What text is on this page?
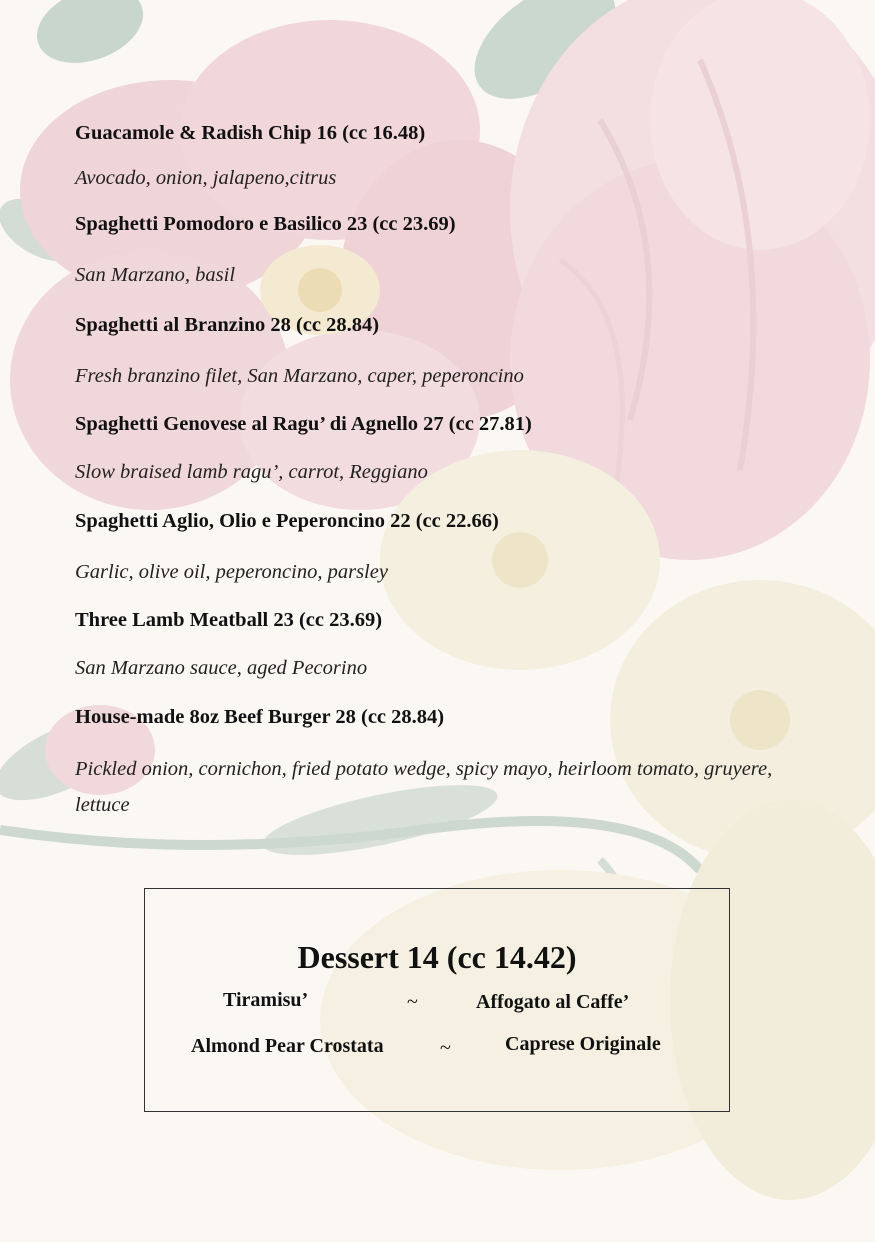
Guacamole & Radish Chip 16 (cc 16.48)
Avocado, onion, jalapeno,citrus
Spaghetti Pomodoro e Basilico 23 (cc 23.69)
San Marzano, basil
Spaghetti al Branzino 28 (cc 28.84)
Fresh branzino filet, San Marzano, caper, peperoncino
Spaghetti Genovese al Ragu’ di Agnello 27 (cc 27.81)
Slow braised lamb ragu’, carrot, Reggiano
Spaghetti Aglio, Olio e Peperoncino 22 (cc 22.66)
Garlic, olive oil, peperoncino, parsley
Three Lamb Meatball 23 (cc 23.69)
San Marzano sauce, aged Pecorino
House-made 8oz Beef Burger 28 (cc 28.84)
Pickled onion, cornichon, fried potato wedge, spicy mayo, heirloom tomato, gruyere, lettuce
Dessert 14 (cc 14.42)
Tiramisu’	~	Affogato al Caffe’
Almond Pear Crostata	~	Caprese Originale
